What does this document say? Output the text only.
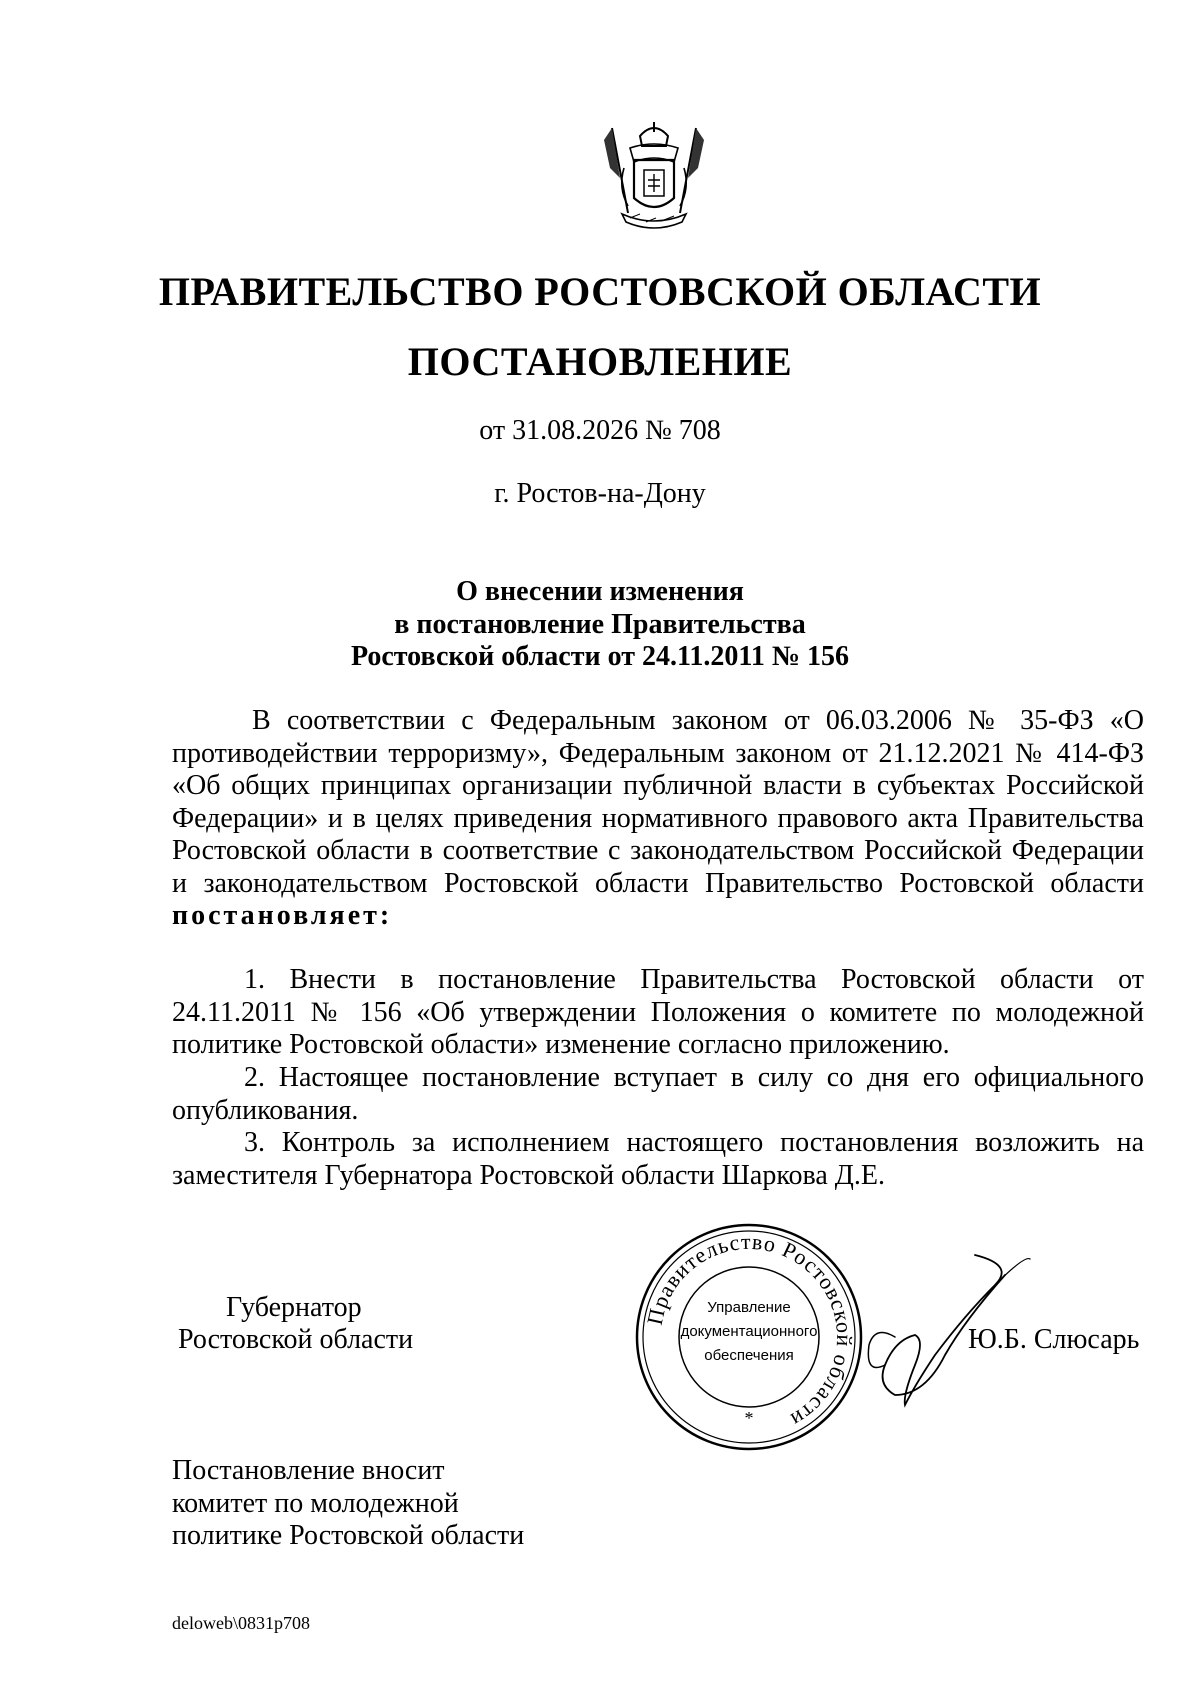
ПРАВИТЕЛЬСТВО РОСТОВСКОЙ ОБЛАСТИ
ПОСТАНОВЛЕНИЕ
от 31.08.2026 № 708
г. Ростов-на-Дону
О внесении изменения
в постановление Правительства
Ростовской области от 24.11.2011 № 156

В соответствии с Федеральным законом от 06.03.2006 № 35-ФЗ «О противодействии терроризму», Федеральным законом от 21.12.2021 № 414-ФЗ «Об общих принципах организации публичной власти в субъектах Российской Федерации» и в целях приведения нормативного правового акта Правительства Ростовской области в соответствие с законодательством Российской Федерации и законодательством Ростовской области Правительство Ростовской области постановляет:

1. Внести в постановление Правительства Ростовской области от 24.11.2011 № 156 «Об утверждении Положения о комитете по молодежной политике Ростовской области» изменение согласно приложению.

2. Настоящее постановление вступает в силу со дня его официального опубликования.

3. Контроль за исполнением настоящего постановления возложить на заместителя Губернатора Ростовской области Шаркова Д.Е.

Губернатор
Ростовской области	Ю.Б. Слюсарь
Правительство Ростовской области
Управление
документационного
обеспечения
*
Постановление вносит
комитет по молодежной
политике Ростовской области
deloweb\0831p708
